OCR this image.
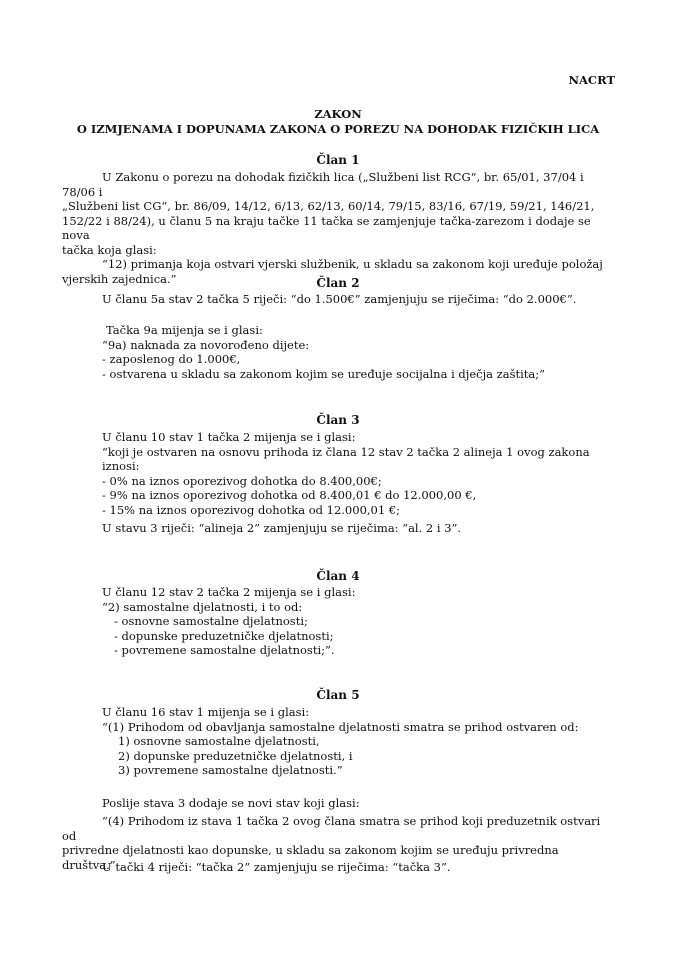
NACRT
ZAKON
O IZMJENAMA I DOPUNAMA ZAKONA O POREZU NA DOHODAK FIZIČKIH LICA
Član 1

U Zakonu o porezu na dohodak fizičkih lica („Službeni list RCG“, br. 65/01, 37/04 i 78/06 i

„Službeni list CG“, br. 86/09, 14/12, 6/13, 62/13, 60/14, 79/15, 83/16, 67/19, 59/21, 146/21,

152/22 i 88/24), u članu 5 na kraju tačke 11 tačka se zamjenjuje tačka-zarezom i dodaje se nova

tačka koja glasi:

“12) primanja koja ostvari vjerski službenik, u skladu sa zakonom koji uređuje položaj

vjerskih zajednica.”	Član 2

U članu 5a stav 2 tačka 5 riječi: “do 1.500€” zamjenjuju se riječima: “do 2.000€”.

Tačka 9a mijenja se i glasi:

“9a) naknada za novorođeno dijete:

- zaposlenog do 1.000€,

- ostvarena u skladu sa zakonom kojim se uređuje socijalna i dječja zaštita;”

Član 3

U članu 10 stav 1 tačka 2 mijenja se i glasi:

“koji je ostvaren na osnovu prihoda iz člana 12 stav 2 tačka 2 alineja 1 ovog zakona iznosi:

- 0% na iznos oporezivog dohotka do 8.400,00€;

- 9% na iznos oporezivog dohotka od 8.400,01 € do 12.000,00 €,

- 15% na iznos oporezivog dohotka od 12.000,01 €;

U stavu 3 riječi: “alineja 2” zamjenjuju se riječima: “al. 2 i 3”.

Član 4

U članu 12 stav 2 tačka 2 mijenja se i glasi:

“2) samostalne djelatnosti, i to od:

- osnovne samostalne djelatnosti;

- dopunske preduzetničke djelatnosti;

- povremene samostalne djelatnosti;”.

Član 5

U članu 16 stav 1 mijenja se i glasi:

“(1) Prihodom od obavljanja samostalne djelatnosti smatra se prihod ostvaren od:

1) osnovne samostalne djelatnosti,

2) dopunske preduzetničke djelatnosti, i

3) povremene samostalne djelatnosti.”

Poslije stava 3 dodaje se novi stav koji glasi:

“(4) Prihodom iz stava 1 tačka 2 ovog člana smatra se prihod koji preduzetnik ostvari od

privredne djelatnosti kao dopunske, u skladu sa zakonom kojim se uređuju privredna društva.”

U tački 4 riječi: “tačka 2” zamjenjuju se riječima: “tačka 3”.
